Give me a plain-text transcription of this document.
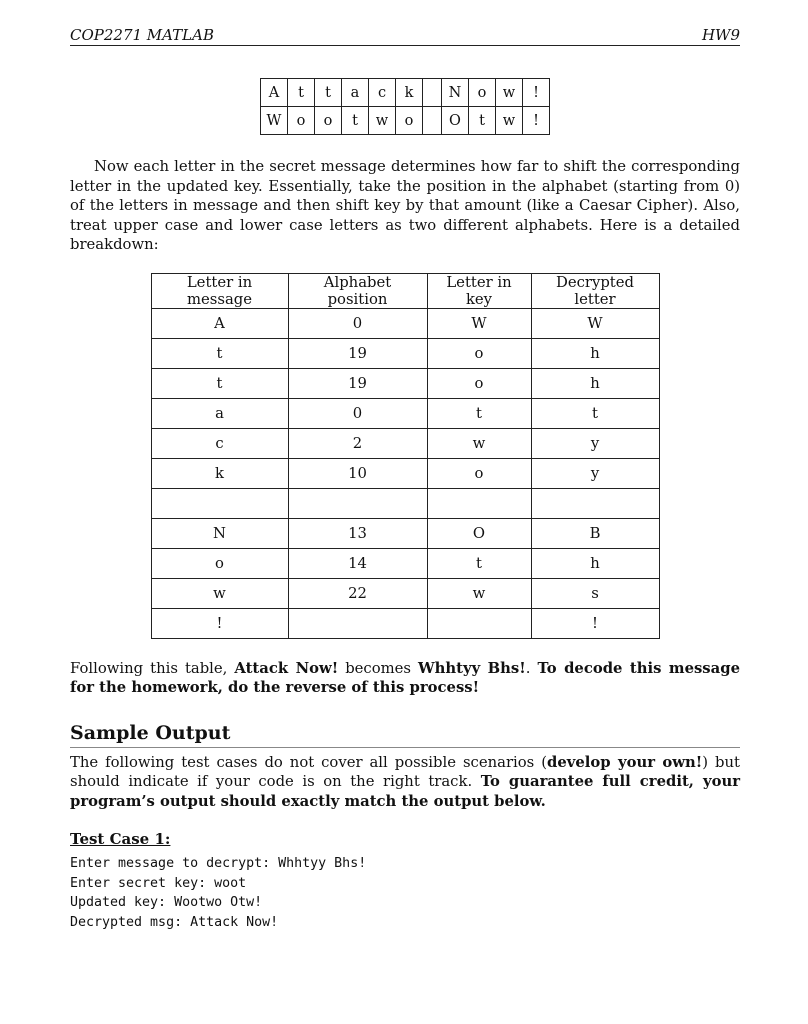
COP2271 MATLAB	HW9
A	t	t	a	c	k		N	o	w	!
W	o	o	t	w	o		O	t	w	!
Now each letter in the secret message determines how far to shift the corresponding letter in the updated key. Essentially, take the position in the alphabet (starting from 0) of the letters in message and then shift key by that amount (like a Caesar Cipher). Also, treat upper case and lower case letters as two different alphabets. Here is a detailed breakdown:
Letter in message	Alphabet position	Letter in key	Decrypted letter
A	0	W	W
t	19	o	h
t	19	o	h
a	0	t	t
c	2	w	y
k	10	o	y

N	13	O	B
o	14	t	h
w	22	w	s
!			!
Following this table, Attack Now! becomes Whhtyy Bhs!. To decode this message for the homework, do the reverse of this process!
Sample Output
The following test cases do not cover all possible scenarios (develop your own!) but should indicate if your code is on the right track. To guarantee full credit, your program’s output should exactly match the output below.
Test Case 1:
Enter message to decrypt: Whhtyy Bhs!
Enter secret key: woot
Updated key: Wootwo Otw!
Decrypted msg: Attack Now!
